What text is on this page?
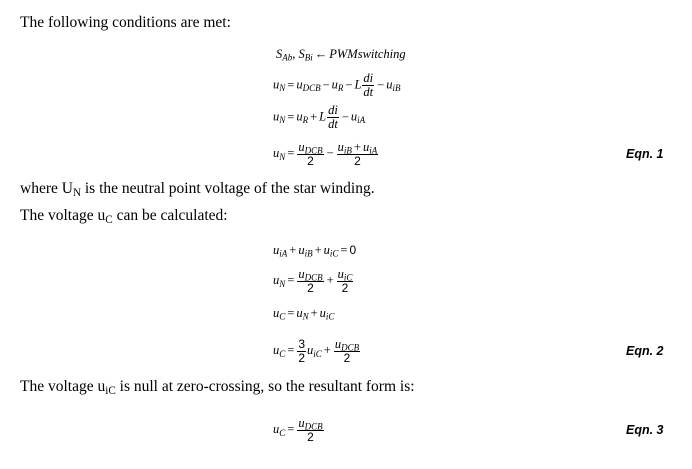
The following conditions are met:
$S_{Ab}$, $S_{Bi}$ ← PWMswitching
$u_N = u_{DCB} - u_R - L \frac{di}{dt} - u_{iB}$
$u_N = u_R + L \frac{di}{dt} - u_{iA}$
$u_N = \frac{u_{DCB}}{2} - \frac{u_{iB} + u_{iA}}{2}$	Eqn. 1
where $U_N$ is the neutral point voltage of the star winding.
The voltage $u_C$ can be calculated:
$u_{iA} + u_{iB} + u_{iC} = 0$
$u_N = \frac{u_{DCB}}{2} + \frac{u_{iC}}{2}$
$u_C = u_N + u_{iC}$
$u_C = \frac{3}{2} u_{iC} + \frac{u_{DCB}}{2}$	Eqn. 2
The voltage $u_{iC}$ is null at zero-crossing, so the resultant form is:
$u_C = \frac{u_{DCB}}{2}$	Eqn. 3
